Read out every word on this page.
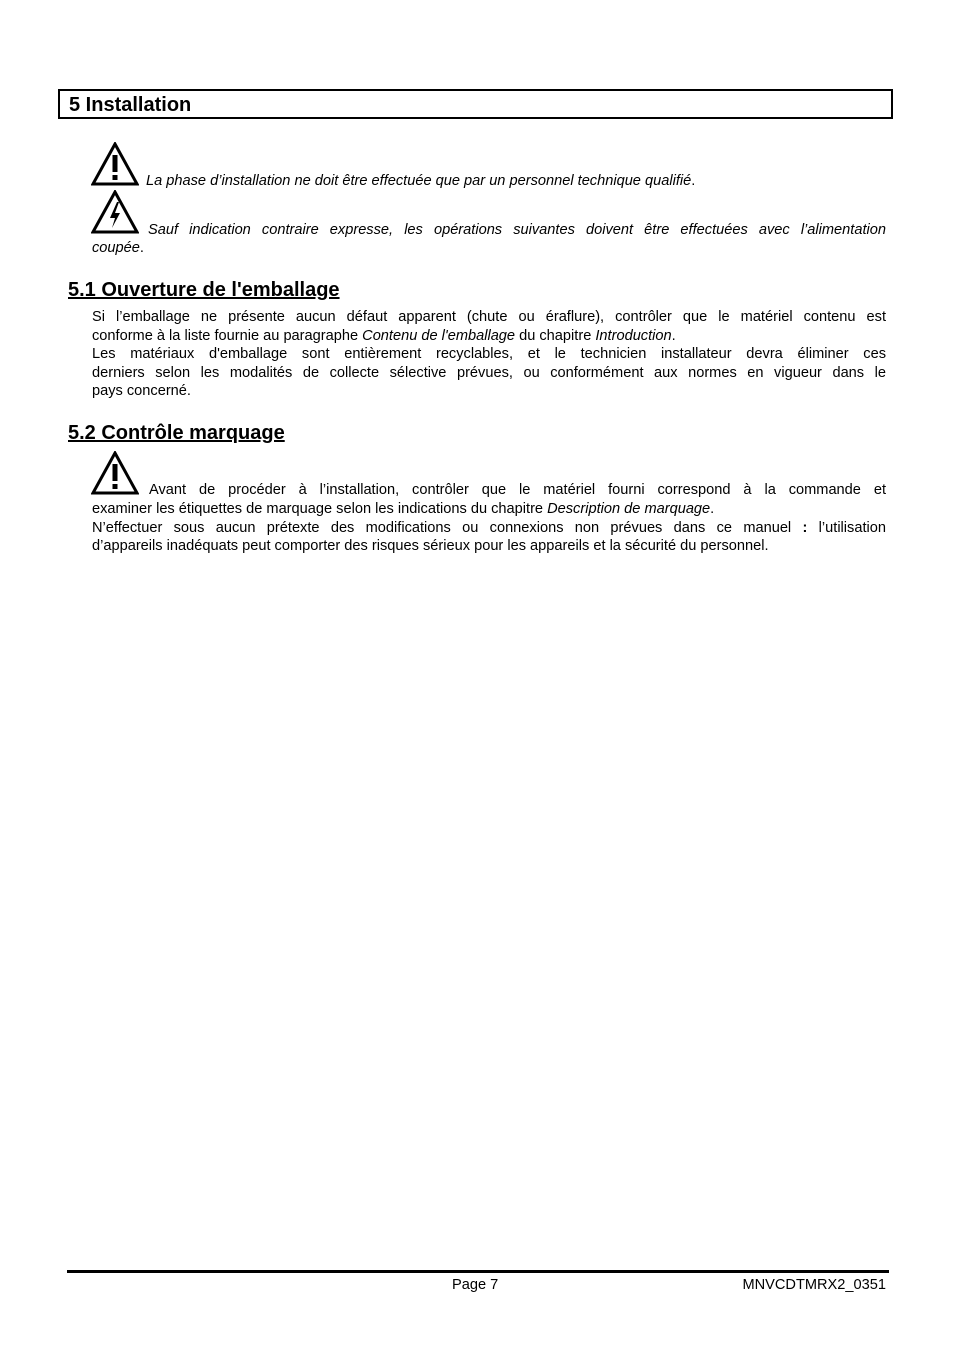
5 Installation
La phase d’installation ne doit être effectuée que par un personnel technique qualifié.
Sauf indication contraire expresse, les opérations suivantes doivent être effectuées avec l’alimentation
coupée.
5.1 Ouverture de l'emballage
Si l’emballage ne présente aucun défaut apparent (chute ou éraflure), contrôler que le matériel contenu est
conforme à la liste fournie au paragraphe Contenu de l'emballage du chapitre Introduction.
Les matériaux d'emballage sont entièrement recyclables, et le technicien installateur devra éliminer ces
derniers selon les modalités de collecte sélective prévues, ou conformément aux normes en vigueur dans le
pays concerné.
5.2 Contrôle marquage
Avant de procéder à l’installation, contrôler que le matériel fourni correspond à la commande et
examiner les étiquettes de marquage selon les indications du chapitre Description de marquage.
N’effectuer sous aucun prétexte des modifications ou connexions non prévues dans ce manuel : l’utilisation
d’appareils inadéquats peut comporter des risques sérieux pour les appareils et la sécurité du personnel.
Page 7	MNVCDTMRX2_0351
